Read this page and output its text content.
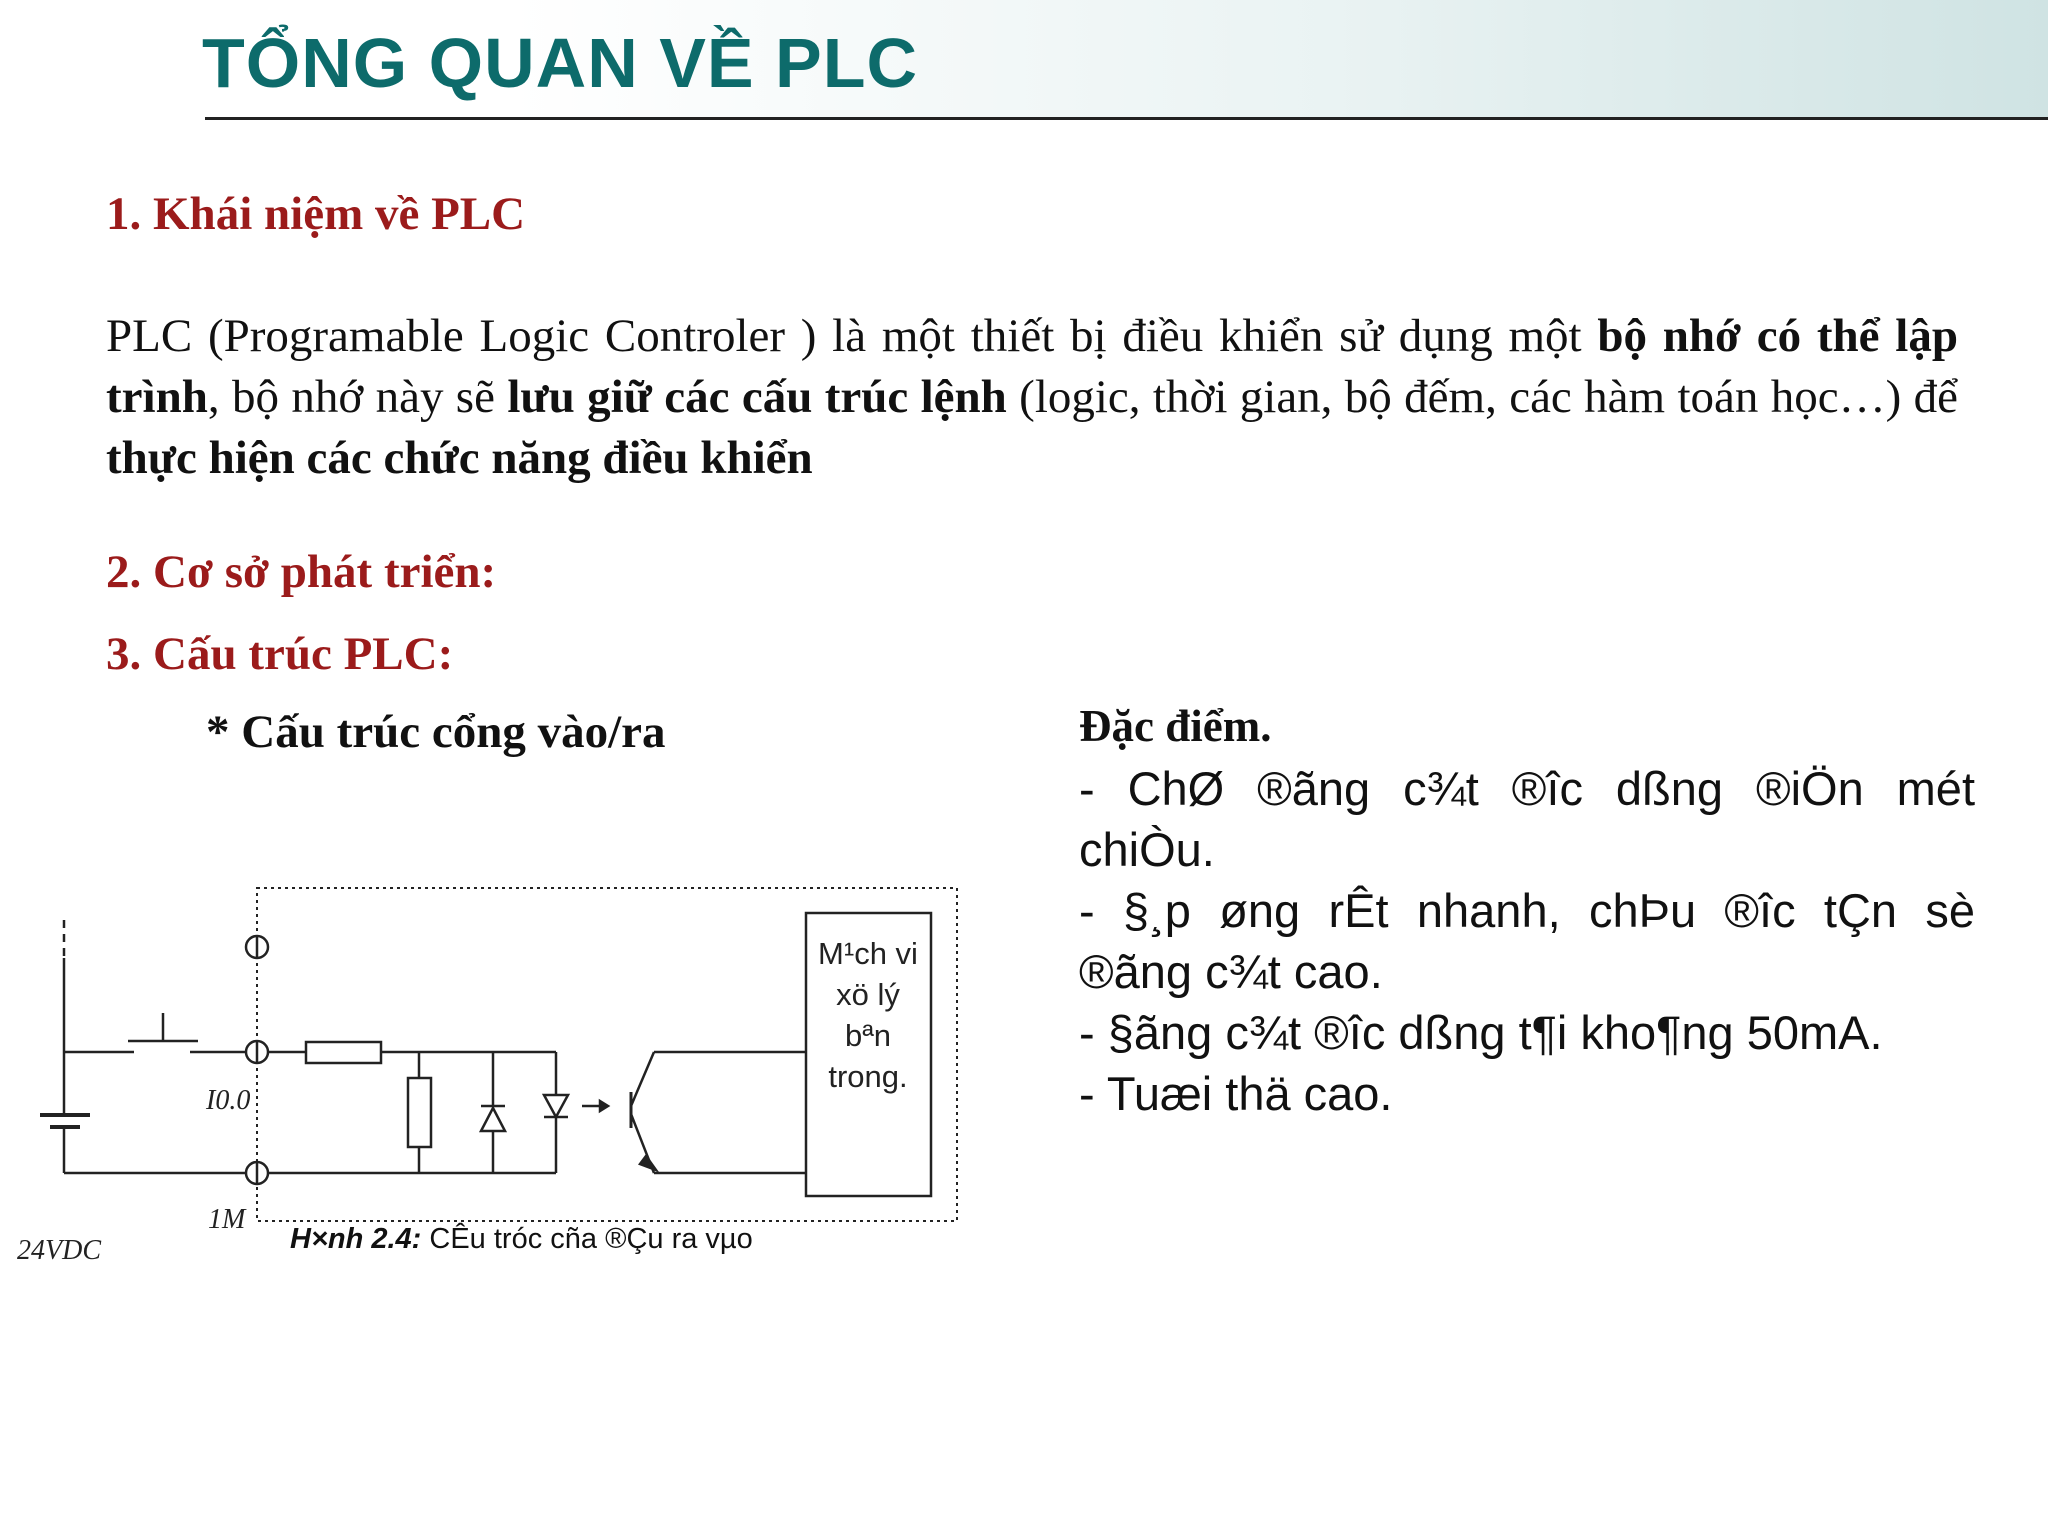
TỔNG QUAN VỀ PLC
1. Khái niệm về PLC

PLC (Programable Logic Controler ) là một thiết bị điều khiển sử dụng một bộ nhớ có thể lập trình, bộ nhớ này sẽ lưu giữ các cấu trúc lệnh (logic, thời gian, bộ đếm, các hàm toán học…) để thực hiện các chức năng điều khiển

2. Cơ sở phát triển:
3. Cấu trúc PLC:

* Cấu trúc cổng vào/ra	Đặc điểm.

- ChØ ®ãng c¾t ®îc dßng ®iÖn mét chiÒu.
- §¸p øng rÊt nhanh, chÞu ®îc tÇn sè ®ãng c¾t cao.
- §ãng c¾t ®îc dßng t¶i kho¶ng 50mA.
- Tuæi thä cao.
M¹ch vi
xö lý
bªn
trong.
I0.0
1M
24VDC	H×nh 2.4: CÊu tróc cña ®Çu ra vµo
